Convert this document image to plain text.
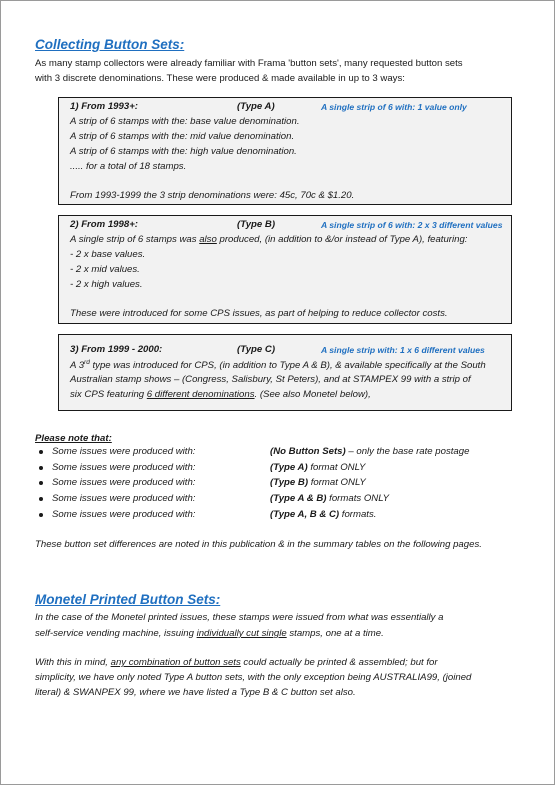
Collecting Button Sets:
As many stamp collectors were already familiar with Frama 'button sets', many requested button sets
with 3 discrete denominations. These were produced & made available in up to 3 ways:
1) From 1993+:	(Type A)	A single strip of 6 with: 1 value only
A strip of 6 stamps with the: base value denomination.
A strip of 6 stamps with the: mid value denomination.
A strip of 6 stamps with the: high value denomination.
..... for a total of 18 stamps.
From 1993-1999 the 3 strip denominations were: 45c, 70c & $1.20.
2) From 1998+:	(Type B)	A single strip of 6 with: 2 x 3 different values
A single strip of 6 stamps was also produced, (in addition to &/or instead of Type A), featuring:
- 2 x base values.
- 2 x mid values.
- 2 x high values.
These were introduced for some CPS issues, as part of helping to reduce collector costs.
3) From 1999 - 2000:	(Type C)	A single strip with: 1 x 6 different values
A 3rd type was introduced for CPS, (in addition to Type A & B), & available specifically at the South
Australian stamp shows – (Congress, Salisbury, St Peters), and at STAMPEX 99 with a strip of
six CPS featuring 6 different denominations. (See also Monetel below),
Please note that:
Some issues were produced with:	(No Button Sets) – only the base rate postage
Some issues were produced with:	(Type A) format ONLY
Some issues were produced with:	(Type B) format ONLY
Some issues were produced with:	(Type A & B) formats ONLY
Some issues were produced with:	(Type A, B & C) formats.
These button set differences are noted in this publication & in the summary tables on the following pages.
Monetel Printed Button Sets:
In the case of the Monetel printed issues, these stamps were issued from what was essentially a
self-service vending machine, issuing individually cut single stamps, one at a time.
With this in mind, any combination of button sets could actually be printed & assembled; but for
simplicity, we have only noted Type A button sets, with the only exception being AUSTRALIA99, (joined
literal) & SWANPEX 99, where we have listed a Type B & C button set also.
